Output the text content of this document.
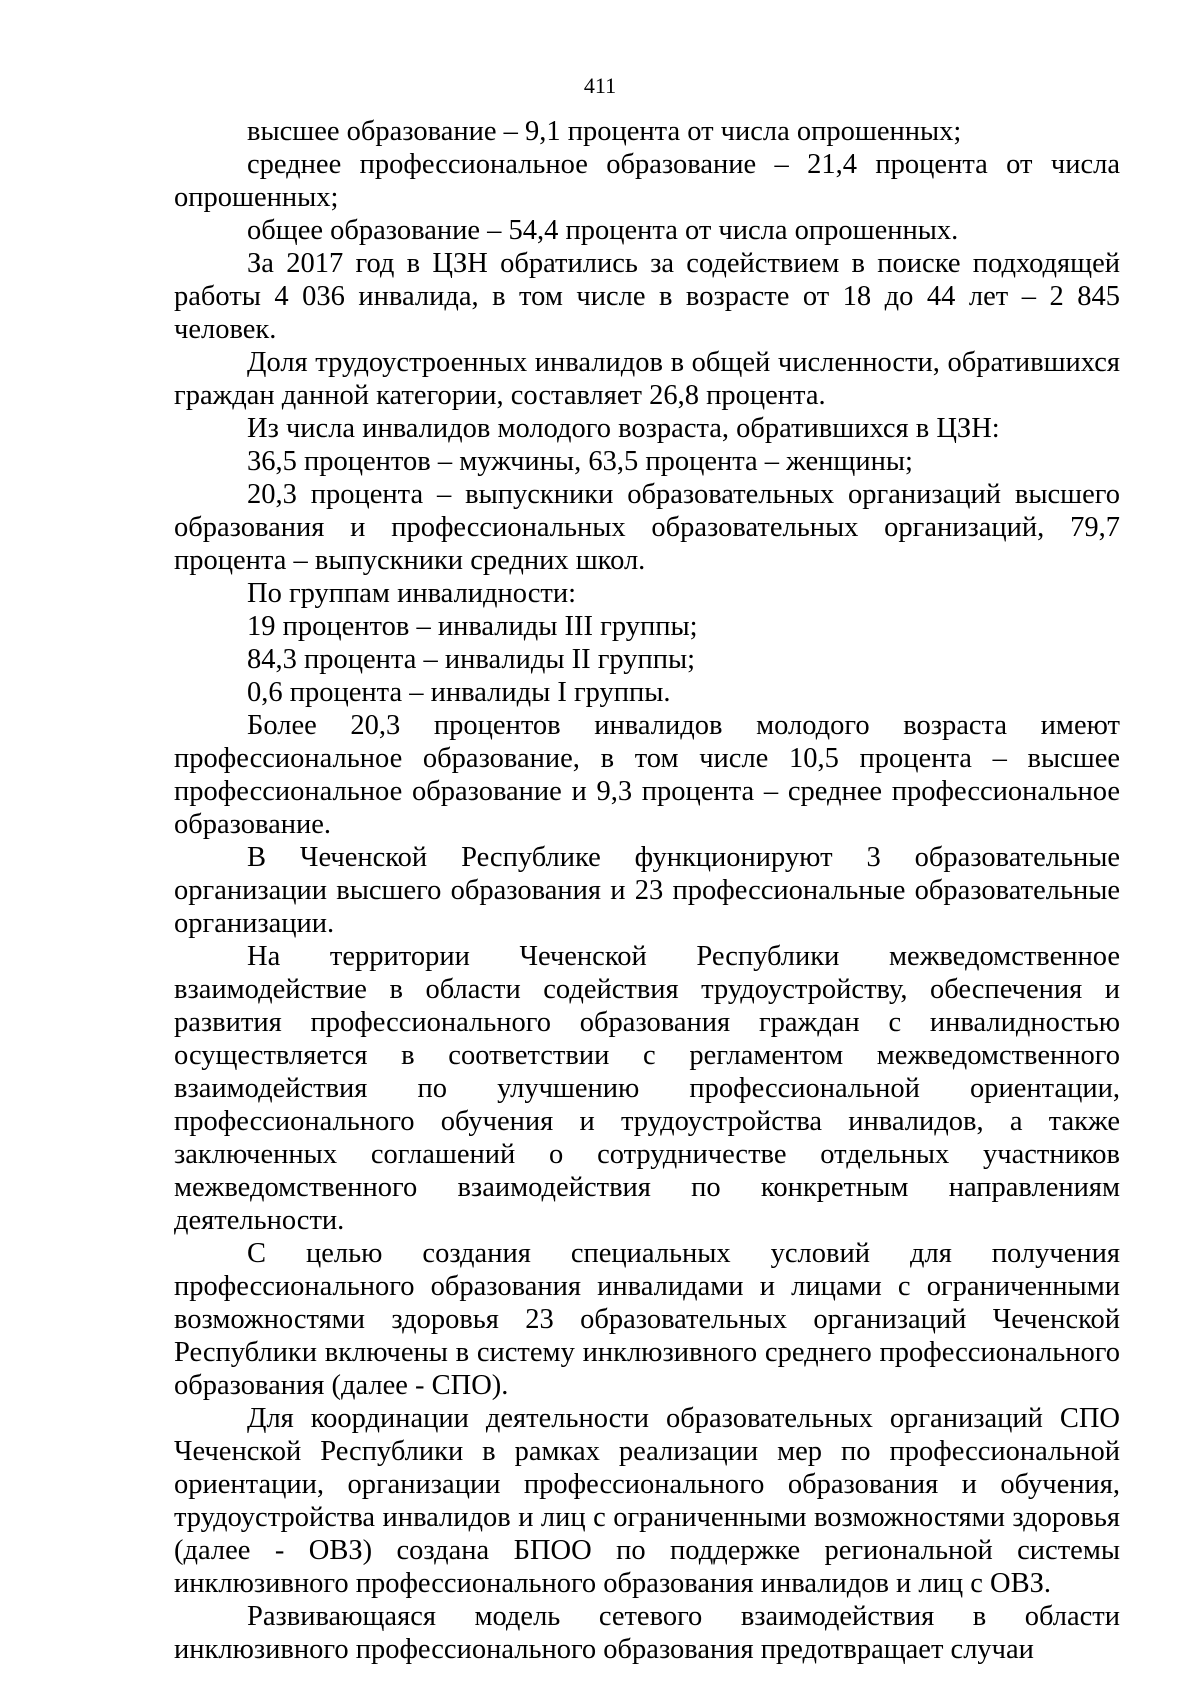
411

высшее образование – 9,1 процента от числа опрошенных;

среднее профессиональное образование – 21,4 процента от числа опрошенных;

общее образование – 54,4 процента от числа опрошенных.

За 2017 год в ЦЗН обратились за содействием в поиске подходящей работы 4 036 инвалида, в том числе в возрасте от 18 до 44 лет – 2 845 человек.

Доля трудоустроенных инвалидов в общей численности, обратившихся граждан данной категории, составляет 26,8 процента.

Из числа инвалидов молодого возраста, обратившихся в ЦЗН:

36,5 процентов – мужчины, 63,5 процента – женщины;

20,3 процента – выпускники образовательных организаций высшего образования и профессиональных образовательных организаций, 79,7 процента – выпускники средних школ.

По группам инвалидности:

19 процентов – инвалиды III группы;

84,3 процента – инвалиды II группы;

0,6 процента – инвалиды I группы.

Более 20,3 процентов инвалидов молодого возраста имеют профессиональное образование, в том числе 10,5 процента – высшее профессиональное образование и 9,3 процента – среднее профессиональное образование.

В Чеченской Республике функционируют 3 образовательные организации высшего образования и 23 профессиональные образовательные организации.

На территории Чеченской Республики межведомственное взаимодействие в области содействия трудоустройству, обеспечения и развития профессионального образования граждан с инвалидностью осуществляется в соответствии с регламентом межведомственного взаимодействия по улучшению профессиональной ориентации, профессионального обучения и трудоустройства инвалидов, а также заключенных соглашений о сотрудничестве отдельных участников межведомственного взаимодействия по конкретным направлениям деятельности.

С целью создания специальных условий для получения профессионального образования инвалидами и лицами с ограниченными возможностями здоровья 23 образовательных организаций Чеченской Республики включены в систему инклюзивного среднего профессионального образования (далее - СПО).

Для координации деятельности образовательных организаций СПО Чеченской Республики в рамках реализации мер по профессиональной ориентации, организации профессионального образования и обучения, трудоустройства инвалидов и лиц с ограниченными возможностями здоровья (далее - ОВЗ) создана БПОО по поддержке региональной системы инклюзивного профессионального образования инвалидов и лиц с ОВЗ.

Развивающаяся модель сетевого взаимодействия в области инклюзивного профессионального образования предотвращает случаи
